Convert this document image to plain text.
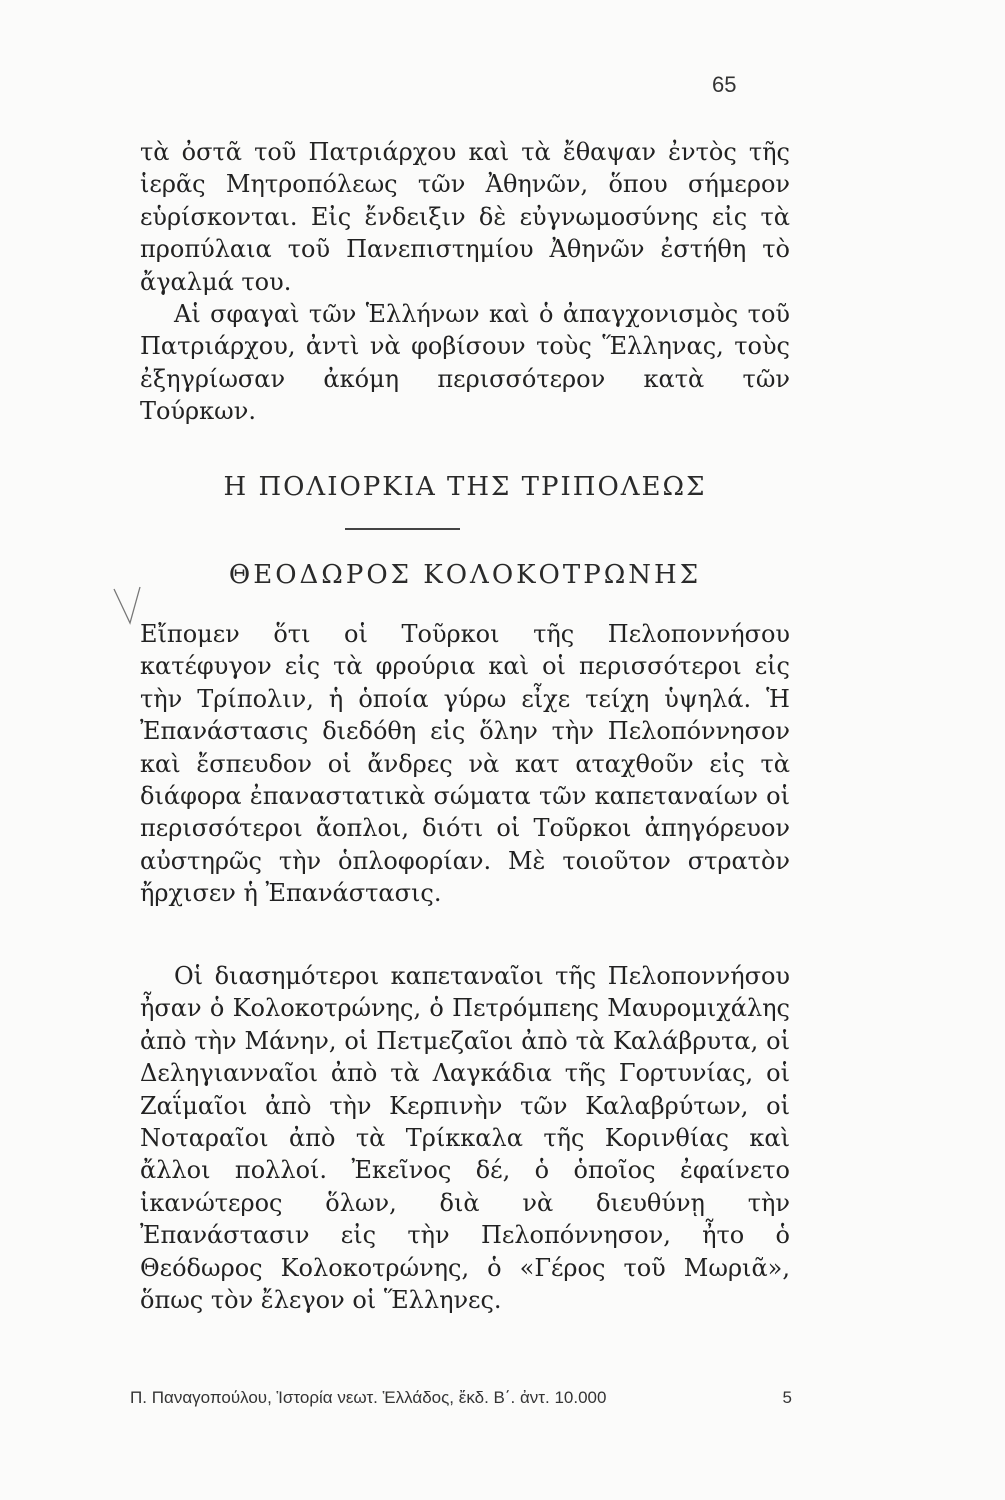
65

τὰ ὀστᾶ τοῦ Πατριάρχου καὶ τὰ ἔθαψαν ἐντὸς τῆς ἱερᾶς Μητροπόλεως τῶν Ἀθηνῶν, ὅπου σήμερον εὑρίσκονται. Εἰς ἔνδειξιν δὲ εὐγνωμοσύνης εἰς τὰ προπύλαια τοῦ Πανεπιστημίου Ἀθηνῶν ἐστήθη τὸ ἄγαλμά του.

Αἱ σφαγαὶ τῶν Ἑλλήνων καὶ ὁ ἀπαγχονισμὸς τοῦ Πατριάρχου, ἀντὶ νὰ φοβίσουν τοὺς Ἕλληνας, τοὺς ἐξηγρίωσαν ἀκόμη περισσότερον κατὰ τῶν Τούρκων.

Η ΠΟΛΙΟΡΚΙΑ ΤΗΣ ΤΡΙΠΟΛΕΩΣ
ΘΕΟΔΩΡΟΣ ΚΟΛΟΚΟΤΡΩΝΗΣ

Εἴπομεν ὅτι οἱ Τοῦρκοι τῆς Πελοποννήσου κατέφυγον εἰς τὰ φρούρια καὶ οἱ περισσότεροι εἰς τὴν Τρίπολιν, ἡ ὁποία γύρω εἶχε τείχη ὑψηλά. Ἡ Ἐπανάστασις διεδόθη εἰς ὅλην τὴν Πελοπόννησον καὶ ἔσπευδον οἱ ἄνδρες νὰ κατ αταχθοῦν εἰς τὰ διάφορα ἐπαναστατικὰ σώματα τῶν καπεταναίων οἱ περισσότεροι ἄοπλοι, διότι οἱ Τοῦρκοι ἀπηγόρευον αὐστηρῶς τὴν ὁπλοφορίαν. Μὲ τοιοῦτον στρατὸν ἤρχισεν ἡ Ἐπανάστασις.

Οἱ διασημότεροι καπεταναῖοι τῆς Πελοποννήσου ἦσαν ὁ Κολοκοτρώνης, ὁ Πετρόμπεης Μαυρομιχάλης ἀπὸ τὴν Μάνην, οἱ Πετμεζαῖοι ἀπὸ τὰ Καλάβρυτα, οἱ Δεληγιανναῖοι ἀπὸ τὰ Λαγκάδια τῆς Γορτυνίας, οἱ Ζαΐμαῖοι ἀπὸ τὴν Κερπινὴν τῶν Καλαβρύτων, οἱ Νοταραῖοι ἀπὸ τὰ Τρίκκαλα τῆς Κορινθίας καὶ ἄλλοι πολλοί. Ἐκεῖνος δέ, ὁ ὁποῖος ἐφαίνετο ἱκανώτερος ὅλων, διὰ νὰ διευθύνῃ τὴν Ἐπανάστασιν εἰς τὴν Πελοπόννησον, ἦτο ὁ Θεόδωρος Κολοκοτρώνης, ὁ «Γέρος τοῦ Μωριᾶ», ὅπως τὸν ἔλεγον οἱ Ἕλληνες.

Π. Παναγοπούλου, Ἱστορία νεωτ. Ἑλλάδος, ἔκδ. Β΄. ἀντ. 10.000	5
